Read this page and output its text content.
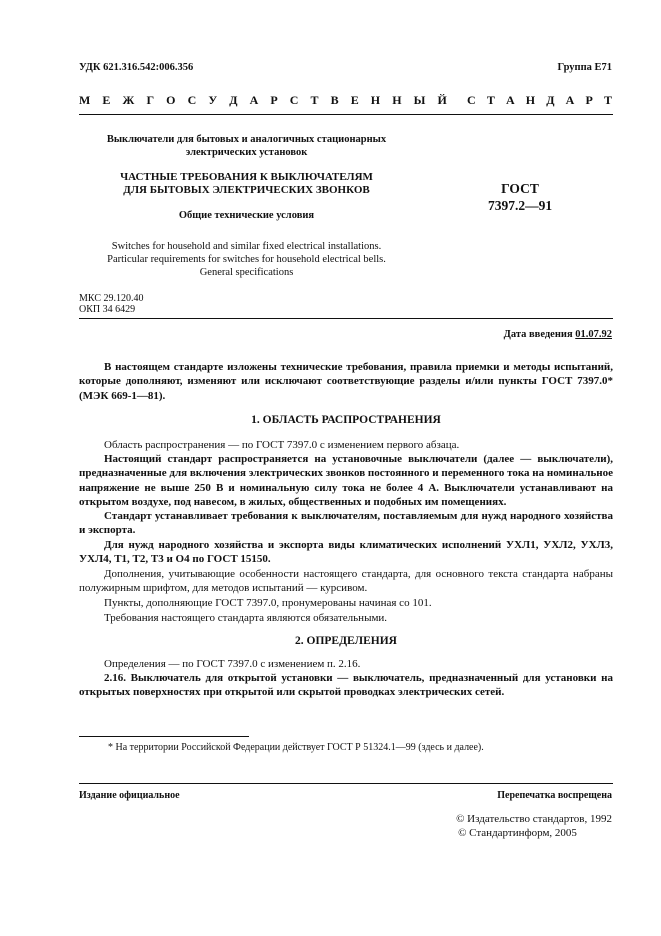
УДК 621.316.542:006.356	Группа Е71
М Е Ж Г О С У Д А Р С Т В Е Н Н Ы Й С Т А Н Д А Р Т
Выключатели для бытовых и аналогичных стационарных
электрических установок
ЧАСТНЫЕ ТРЕБОВАНИЯ К ВЫКЛЮЧАТЕЛЯМ
ДЛЯ БЫТОВЫХ ЭЛЕКТРИЧЕСКИХ ЗВОНКОВ
Общие технические условия
Switches for household and similar fixed electrical installations.
Particular requirements for switches for household electrical bells.
General specifications
ГОСТ
7397.2—91
МКС 29.120.40
ОКП 34 6429
Дата введения 01.07.92

В настоящем стандарте изложены технические требования, правила приемки и методы испытаний, которые дополняют, изменяют или исключают соответствующие разделы и/или пункты ГОСТ 7397.0* (МЭК 669-1—81).

1. ОБЛАСТЬ РАСПРОСТРАНЕНИЯ

Область распространения — по ГОСТ 7397.0 с изменением первого абзаца.

Настоящий стандарт распространяется на установочные выключатели (далее — выключатели), предназначенные для включения электрических звонков постоянного и переменного тока на номинальное напряжение не выше 250 В и номинальную силу тока не более 4 А. Выключатели устанавливают на открытом воздухе, под навесом, в жилых, общественных и подобных им помещениях.

Стандарт устанавливает требования к выключателям, поставляемым для нужд народного хозяйства и экспорта.

Для нужд народного хозяйства и экспорта виды климатических исполнений УХЛ1, УХЛ2, УХЛ3, УХЛ4, Т1, Т2, Т3 и О4 по ГОСТ 15150.

Дополнения, учитывающие особенности настоящего стандарта, для основного текста стандарта набраны полужирным шрифтом, для методов испытаний — курсивом.

Пункты, дополняющие ГОСТ 7397.0, пронумерованы начиная со 101.

Требования настоящего стандарта являются обязательными.

2. ОПРЕДЕЛЕНИЯ

Определения — по ГОСТ 7397.0 с изменением п. 2.16.

2.16. Выключатель для открытой установки — выключатель, предназначенный для установки на открытых поверхностях при открытой или скрытой проводках электрических сетей.

* На территории Российской Федерации действует ГОСТ Р 51324.1—99 (здесь и далее).
Издание официальное	Перепечатка воспрещена
© Издательство стандартов, 1992
© Стандартинформ, 2005
